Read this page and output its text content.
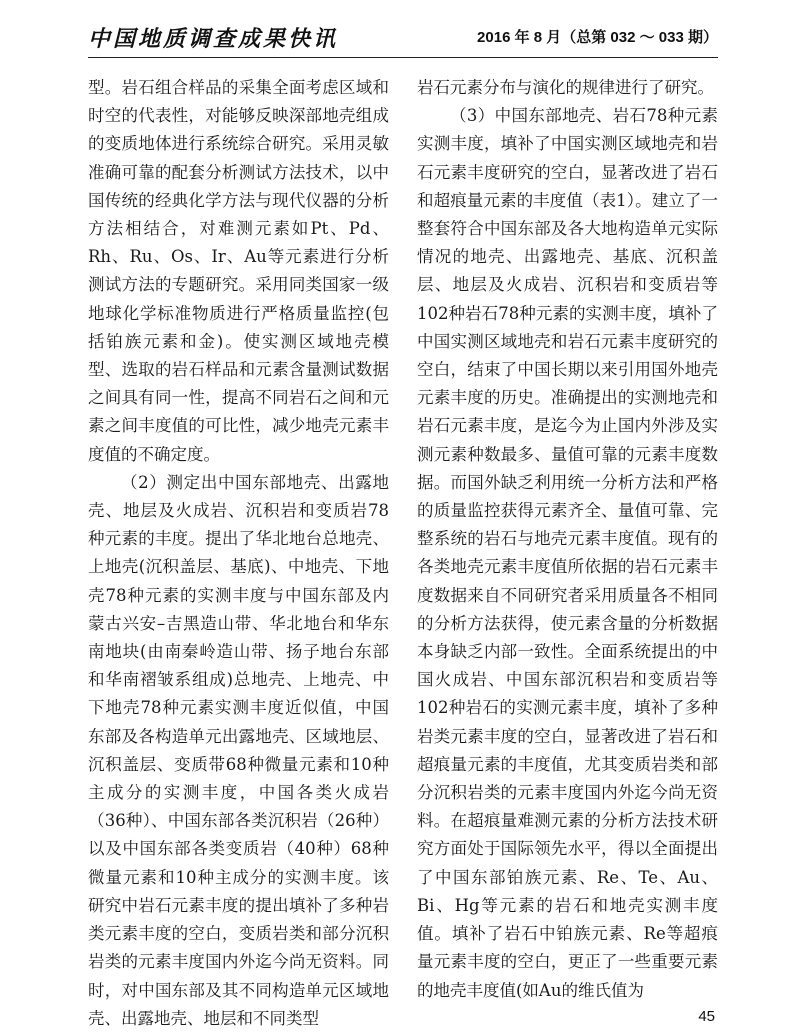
中国地质调查成果快讯	2016 年 8 月（总第 032 ～ 033 期）

型。岩石组合样品的采集全面考虑区域和时空的代表性，对能够反映深部地壳组成的变质地体进行系统综合研究。采用灵敏准确可靠的配套分析测试方法技术，以中国传统的经典化学方法与现代仪器的分析方法相结合，对难测元素如Pt、Pd、Rh、Ru、Os、Ir、Au等元素进行分析测试方法的专题研究。采用同类国家一级地球化学标准物质进行严格质量监控(包括铂族元素和金)。使实测区域地壳模型、选取的岩石样品和元素含量测试数据之间具有同一性，提高不同岩石之间和元素之间丰度值的可比性，减少地壳元素丰度值的不确定度。

（2）测定出中国东部地壳、出露地壳、地层及火成岩、沉积岩和变质岩78种元素的丰度。提出了华北地台总地壳、上地壳(沉积盖层、基底)、中地壳、下地壳78种元素的实测丰度与中国东部及内蒙古兴安–吉黑造山带、华北地台和华东南地块(由南秦岭造山带、扬子地台东部和华南褶皱系组成)总地壳、上地壳、中下地壳78种元素实测丰度近似值，中国东部及各构造单元出露地壳、区域地层、沉积盖层、变质带68种微量元素和10种主成分的实测丰度，中国各类火成岩（36种）、中国东部各类沉积岩（26种）以及中国东部各类变质岩（40种）68种微量元素和10种主成分的实测丰度。该研究中岩石元素丰度的提出填补了多种岩类元素丰度的空白，变质岩类和部分沉积岩类的元素丰度国内外迄今尚无资料。同时，对中国东部及其不同构造单元区域地壳、出露地壳、地层和不同类型

岩石元素分布与演化的规律进行了研究。

（3）中国东部地壳、岩石78种元素实测丰度，填补了中国实测区域地壳和岩石元素丰度研究的空白，显著改进了岩石和超痕量元素的丰度值（表1）。建立了一整套符合中国东部及各大地构造单元实际情况的地壳、出露地壳、基底、沉积盖层、地层及火成岩、沉积岩和变质岩等102种岩石78种元素的实测丰度，填补了中国实测区域地壳和岩石元素丰度研究的空白，结束了中国长期以来引用国外地壳元素丰度的历史。准确提出的实测地壳和岩石元素丰度，是迄今为止国内外涉及实测元素种数最多、量值可靠的元素丰度数据。而国外缺乏利用统一分析方法和严格的质量监控获得元素齐全、量值可靠、完整系统的岩石与地壳元素丰度值。现有的各类地壳元素丰度值所依据的岩石元素丰度数据来自不同研究者采用质量各不相同的分析方法获得，使元素含量的分析数据本身缺乏内部一致性。全面系统提出的中国火成岩、中国东部沉积岩和变质岩等102种岩石的实测元素丰度，填补了多种岩类元素丰度的空白，显著改进了岩石和超痕量元素的丰度值，尤其变质岩类和部分沉积岩类的元素丰度国内外迄今尚无资料。在超痕量难测元素的分析方法技术研究方面处于国际领先水平，得以全面提出了中国东部铂族元素、Re、Te、Au、Bi、Hg等元素的岩石和地壳实测丰度值。填补了岩石中铂族元素、Re等超痕量元素丰度的空白，更正了一些重要元素的地壳丰度值(如Au的维氏值为

45
